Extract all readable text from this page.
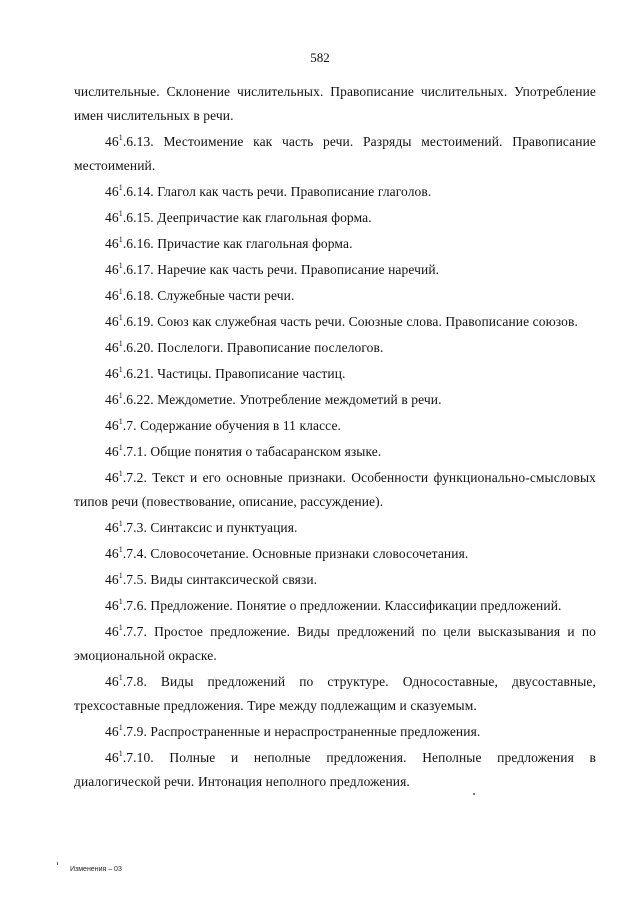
582

числительные. Склонение числительных. Правописание числительных. Употребление имен числительных в речи.

$46^1.6.13$. Местоимение как часть речи. Разряды местоимений. Правописание местоимений.

$46^1.6.14$. Глагол как часть речи. Правописание глаголов.

$46^1.6.15$. Деепричастие как глагольная форма.

$46^1.6.16$. Причастие как глагольная форма.

$46^1.6.17$. Наречие как часть речи. Правописание наречий.

$46^1.6.18$. Служебные части речи.

$46^1.6.19$. Союз как служебная часть речи. Союзные слова. Правописание союзов.

$46^1.6.20$. Послелоги. Правописание послелогов.

$46^1.6.21$. Частицы. Правописание частиц.

$46^1.6.22$. Междометие. Употребление междометий в речи.

$46^1.7$. Содержание обучения в 11 классе.

$46^1.7.1$. Общие понятия о табасаранском языке.

$46^1.7.2$. Текст и его основные признаки. Особенности функционально-смысловых типов речи (повествование, описание, рассуждение).

$46^1.7.3$. Синтаксис и пунктуация.

$46^1.7.4$. Словосочетание. Основные признаки словосочетания.

$46^1.7.5$. Виды синтаксической связи.

$46^1.7.6$. Предложение. Понятие о предложении. Классификации предложений.

$46^1.7.7$. Простое предложение. Виды предложений по цели высказывания и по эмоциональной окраске.

$46^1.7.8$. Виды предложений по структуре. Односоставные, двусоставные, трехсоставные предложения. Тире между подлежащим и сказуемым.

$46^1.7.9$. Распространенные и нераспространенные предложения.

$46^1.7.10$. Полные и неполные предложения. Неполные предложения в диалогической речи. Интонация неполного предложения.

Изменения – 03
